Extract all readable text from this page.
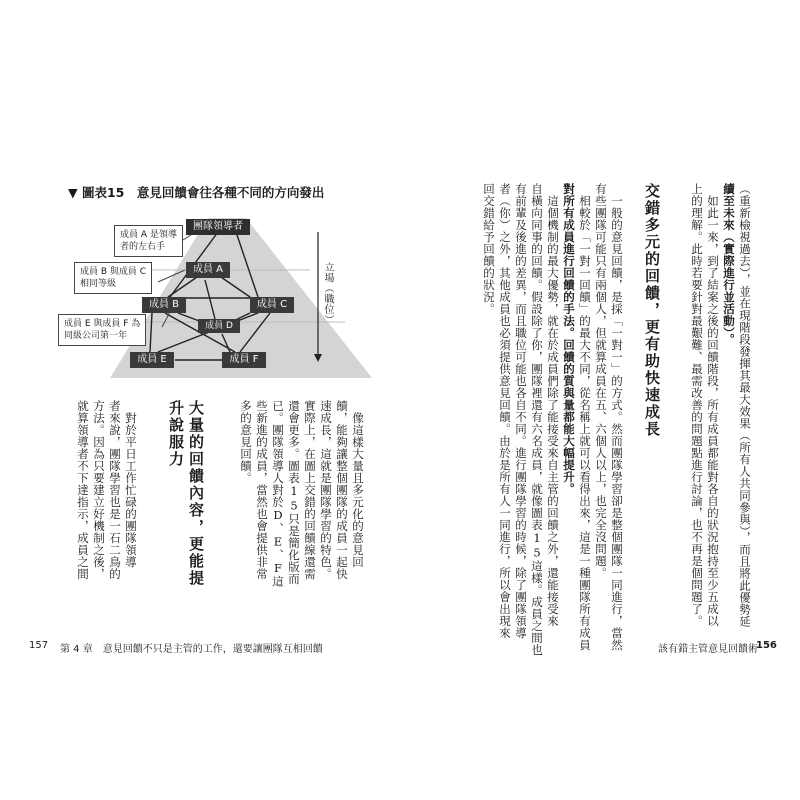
▼ 圖表15　意見回饋會往各種不同的方向發出
團隊領導者
成員 A
成員 B	成員 C
成員 D
成員 E	成員 F
成員 A 是領導
者的左右手
成員 B 與成員 C
相同等級
成員 E 與成員 F 為
同級公司第一年
立場（職位）	（重新檢視過去），並在現階段發揮其最大效果（所有人共同參與），而且將此優勢延
續至未來（實際進行並活動）。
　如此一來，到了結案之後的回饋階段，所有成員都能對各自的狀況抱持至少五成以
上的理解。此時若要針對最艱難、最需改善的問題點進行討論，也不再是個問題了。
交錯多元的回饋，更有助快速成長
　一般的意見回饋，是採「一對一」的方式。然而團隊學習卻是整個團隊一同進行，當然
有些團隊可能只有兩個人，但就算成員在五、六個人以上，也完全沒問題。
　相較於「一對一回饋」的最大不同，從名稱上就可以看得出來，這是一種團隊所有成員
對所有成員進行回饋的手法。回饋的質與量都能大幅提升。
　這個機制的最大優勢，就在於成員們除了能接受來自主管的回饋之外，還能接受來
自橫向同事的回饋。假設除了你，團隊裡還有六名成員，就像圖表15這樣。成員之間也
有前輩及後進的差異，而且職位可能也各自不同。進行團隊學習的時候，除了團隊領導
者（你）之外，其他成員也必須提供意見回饋。由於是所有人一同進行，所以會出現來
回交錯給予回饋的狀況。
　像這樣大量且多元化的意見回
饋，能夠讓整個團隊的成員一起快
速成長，這就是團隊學習的特色。
實際上，在圖上交錯的回饋線還需
還會更多。圖表15只是簡化版而
已。團隊領導人對於D、E、F這
些新進的成員，當然也會提供非常
多的意見回饋。
大量的回饋內容，更能提升說服力
　對於平日工作忙碌的團隊領導
者來說，團隊學習也是一石二鳥的
方法。因為只要建立好機制之後，
就算領導者不下達指示，成員之間
157 第 4 章　意見回饋不只是主管的工作，還要讓團隊互相回饋	該有錯主管意見回饋術
156
